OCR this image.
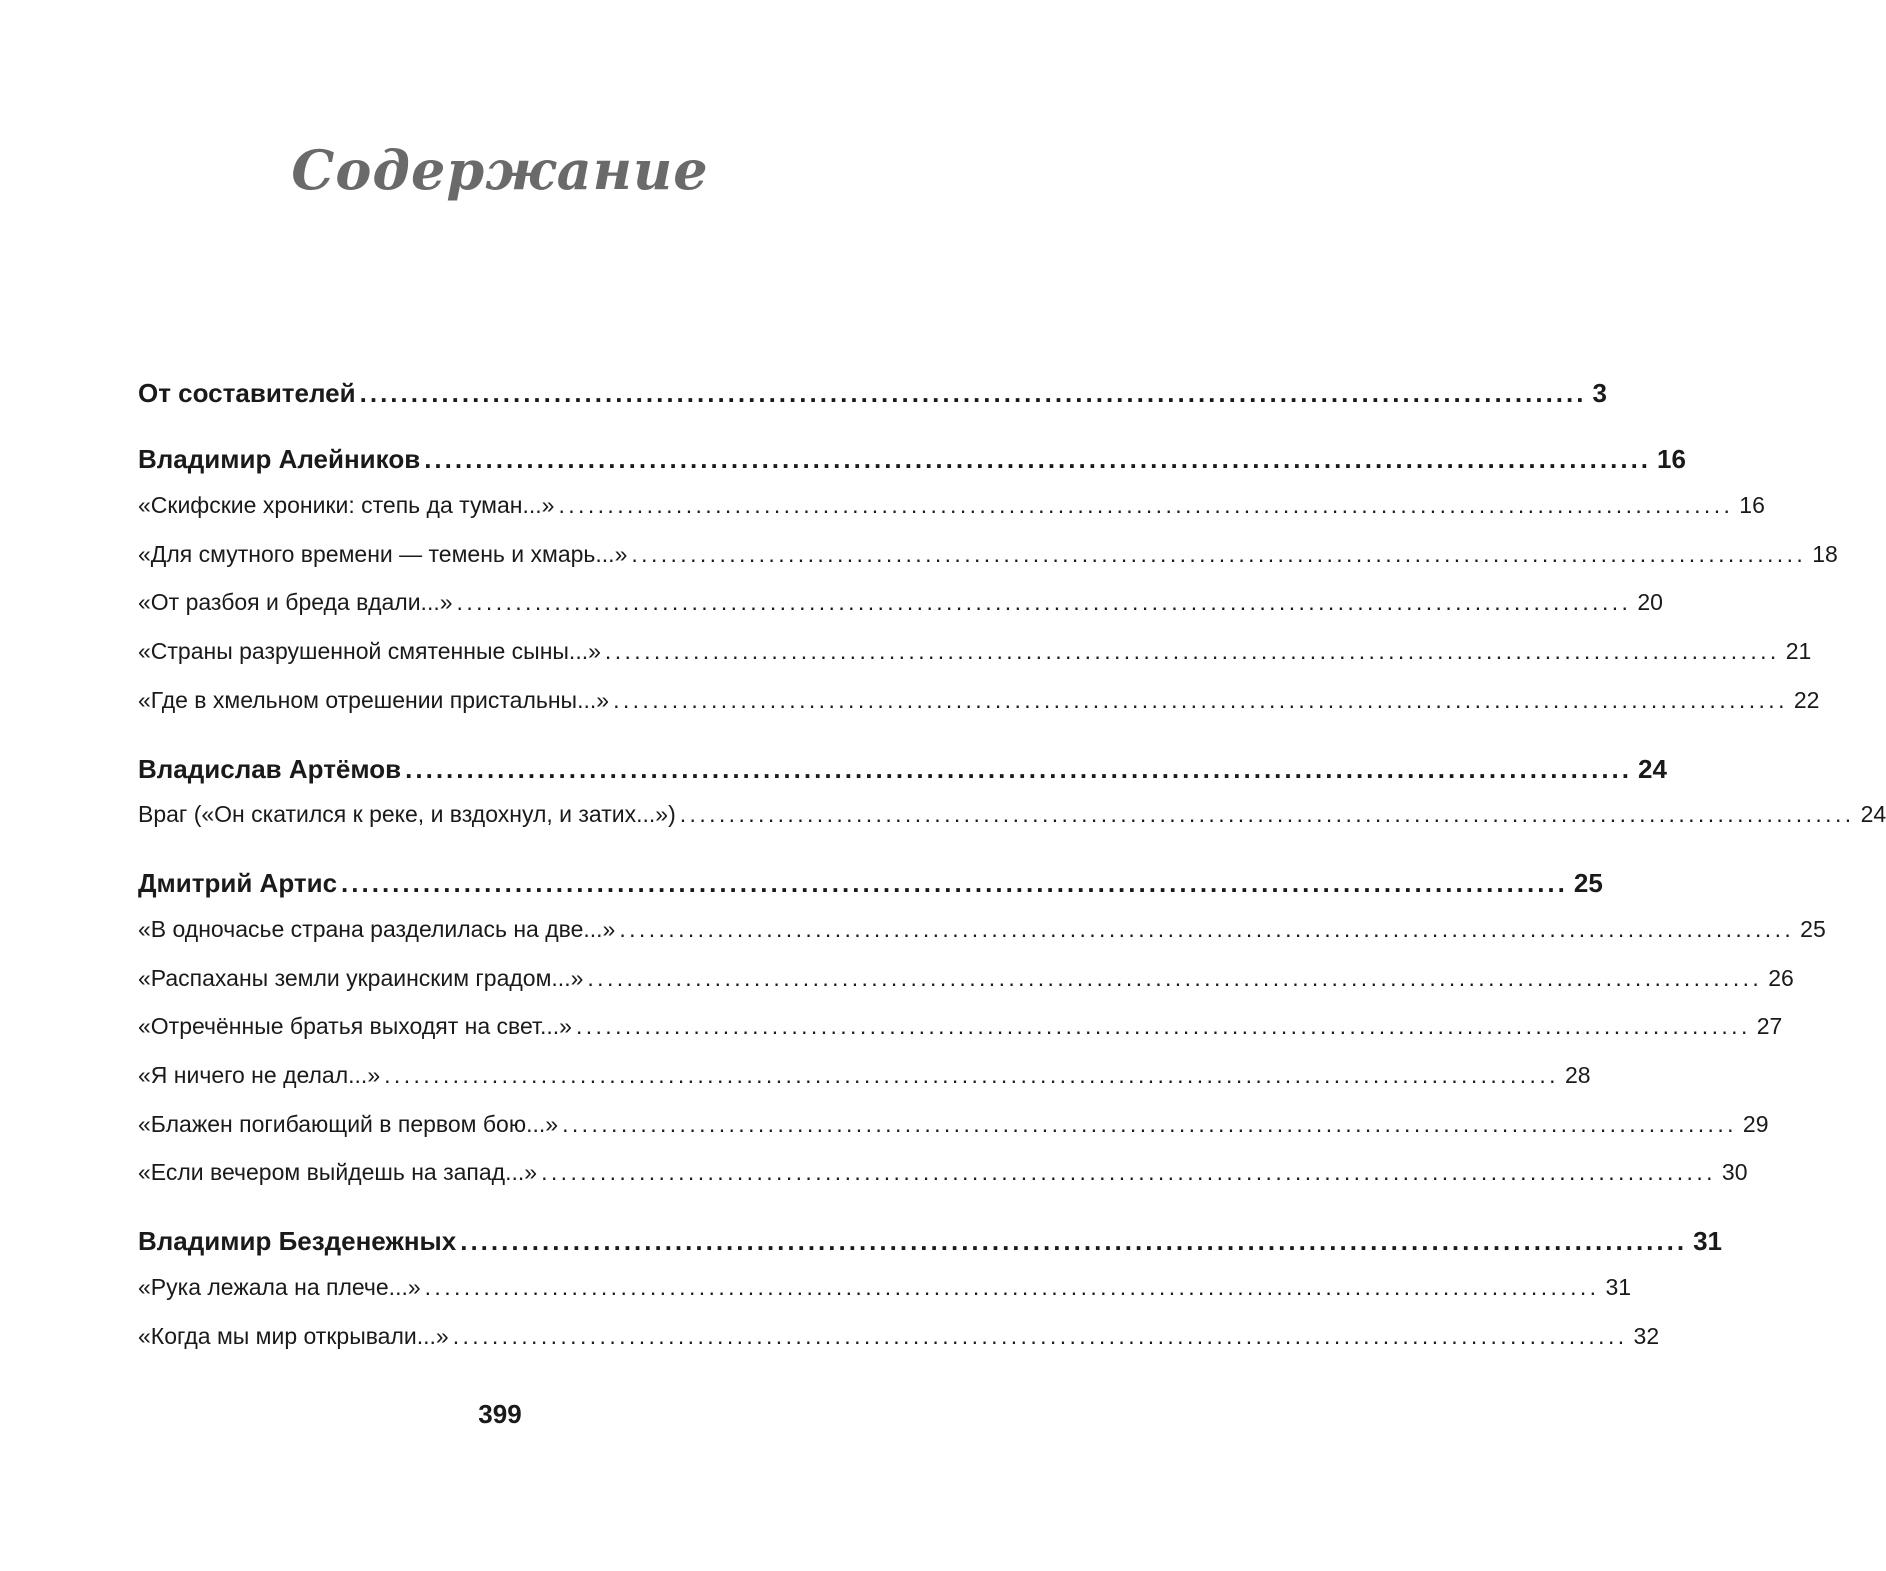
Содержание
От составителей ........................................................................................................................ 3
Владимир Алейников ........................................................................................................................ 16
«Скифские хроники: степь да туман...» ........................................................................................................................ 16
«Для смутного времени — темень и хмарь...» ........................................................................................................................ 18
«От разбоя и бреда вдали...» ........................................................................................................................ 20
«Страны разрушенной смятенные сыны...» ........................................................................................................................ 21
«Где в хмельном отрешении пристальны...» ........................................................................................................................ 22
Владислав Артёмов ........................................................................................................................ 24
Враг («Он скатился к реке, и вздохнул, и затих...») ........................................................................................................................ 24
Дмитрий Артис ........................................................................................................................ 25
«В одночасье страна разделилась на две...» ........................................................................................................................ 25
«Распаханы земли украинским градом...» ........................................................................................................................ 26
«Отречённые братья выходят на свет...» ........................................................................................................................ 27
«Я ничего не делал...» ........................................................................................................................ 28
«Блажен погибающий в первом бою...» ........................................................................................................................ 29
«Если вечером выйдешь на запад...» ........................................................................................................................ 30
Владимир Безденежных ........................................................................................................................ 31
«Рука лежала на плече...» ........................................................................................................................ 31
«Когда мы мир открывали...» ........................................................................................................................ 32
399
